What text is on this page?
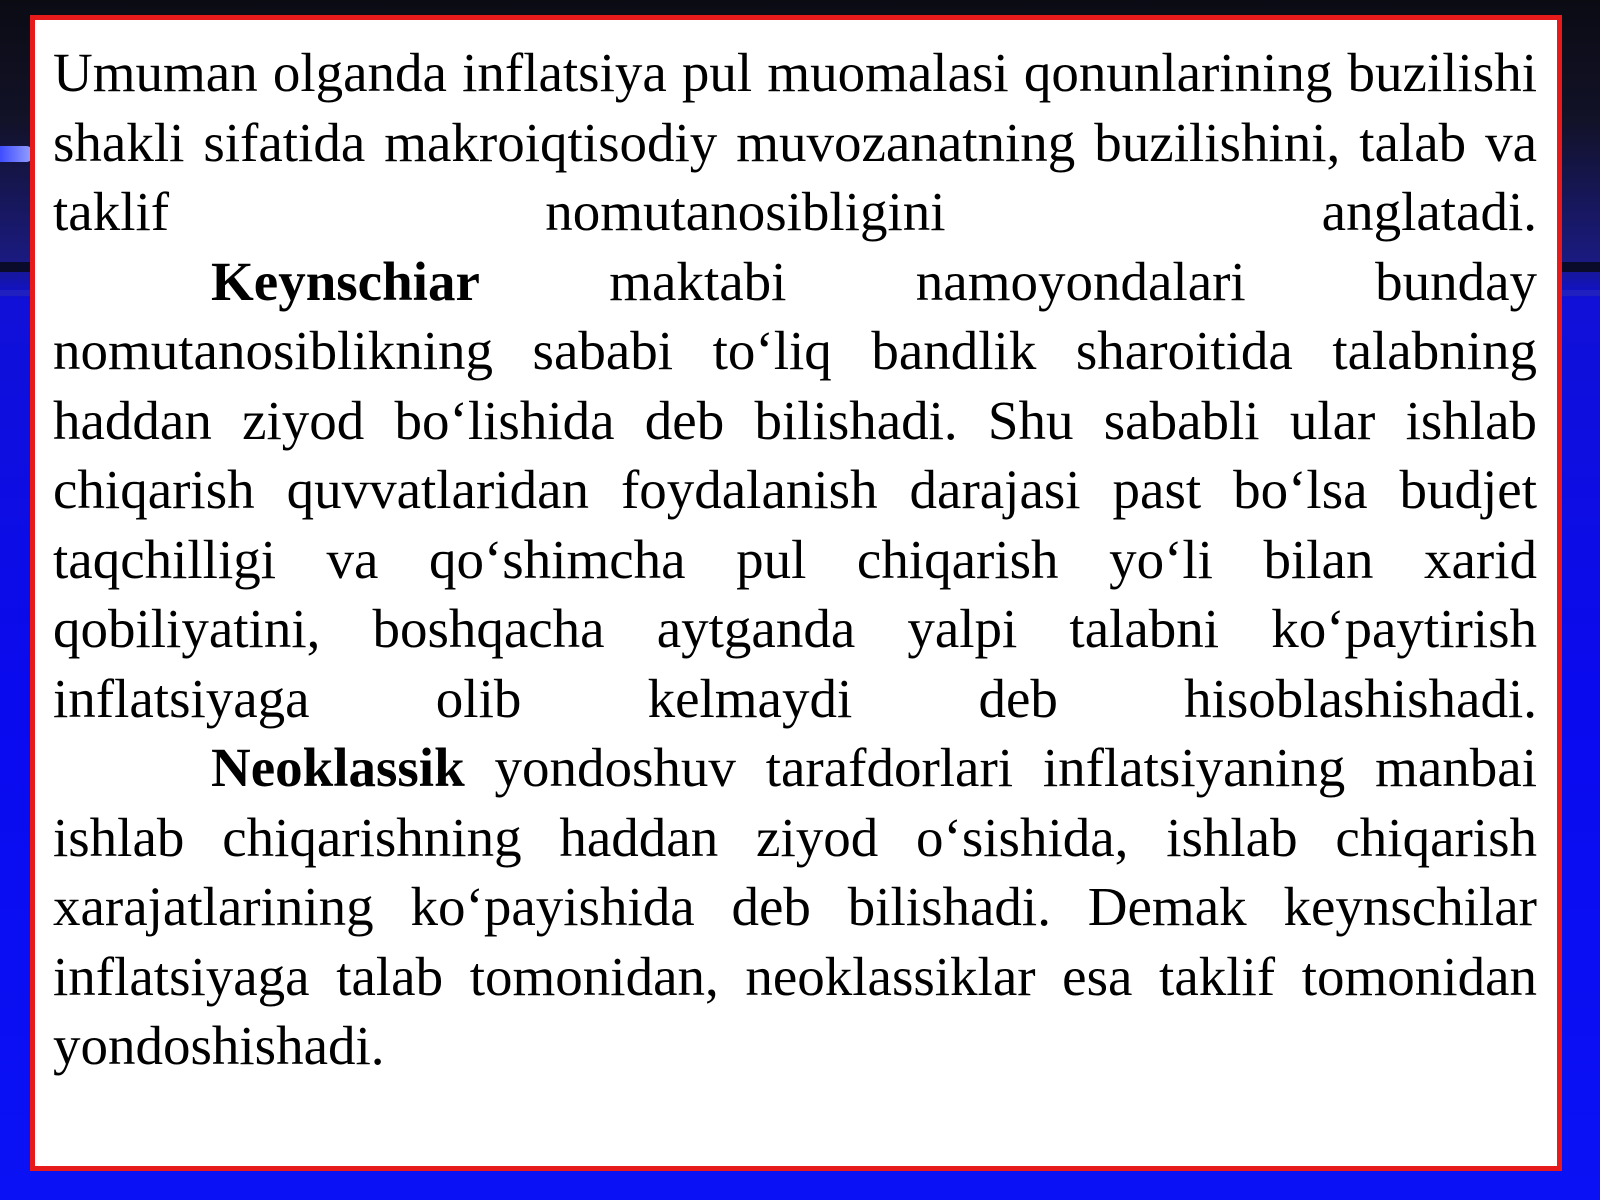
Umuman olganda inflatsiya pul muomalasi qonunlarining buzilishi shakli sifatida makroiqtisodiy muvozanatning buzilishini, talab va taklif nomutanosibligini anglatadi.

Keynschiar maktabi namoyondalari bunday nomutanosiblikning sababi to‘liq bandlik sharoitida talabning haddan ziyod bo‘lishida deb bilishadi. Shu sababli ular ishlab chiqarish quvvatlaridan foydalanish darajasi past bo‘lsa budjet taqchilligi va qo‘shimcha pul chiqarish yo‘li bilan xarid qobiliyatini, boshqacha aytganda yalpi talabni ko‘paytirish inflatsiyaga olib kelmaydi deb hisoblashishadi.

Neoklassik yondoshuv tarafdorlari inflatsiyaning manbai ishlab chiqarishning haddan ziyod o‘sishida, ishlab chiqarish xarajatlarining ko‘payishida deb bilishadi. Demak keynschilar inflatsiyaga talab tomonidan, neoklassiklar esa taklif tomonidan yondoshishadi.
